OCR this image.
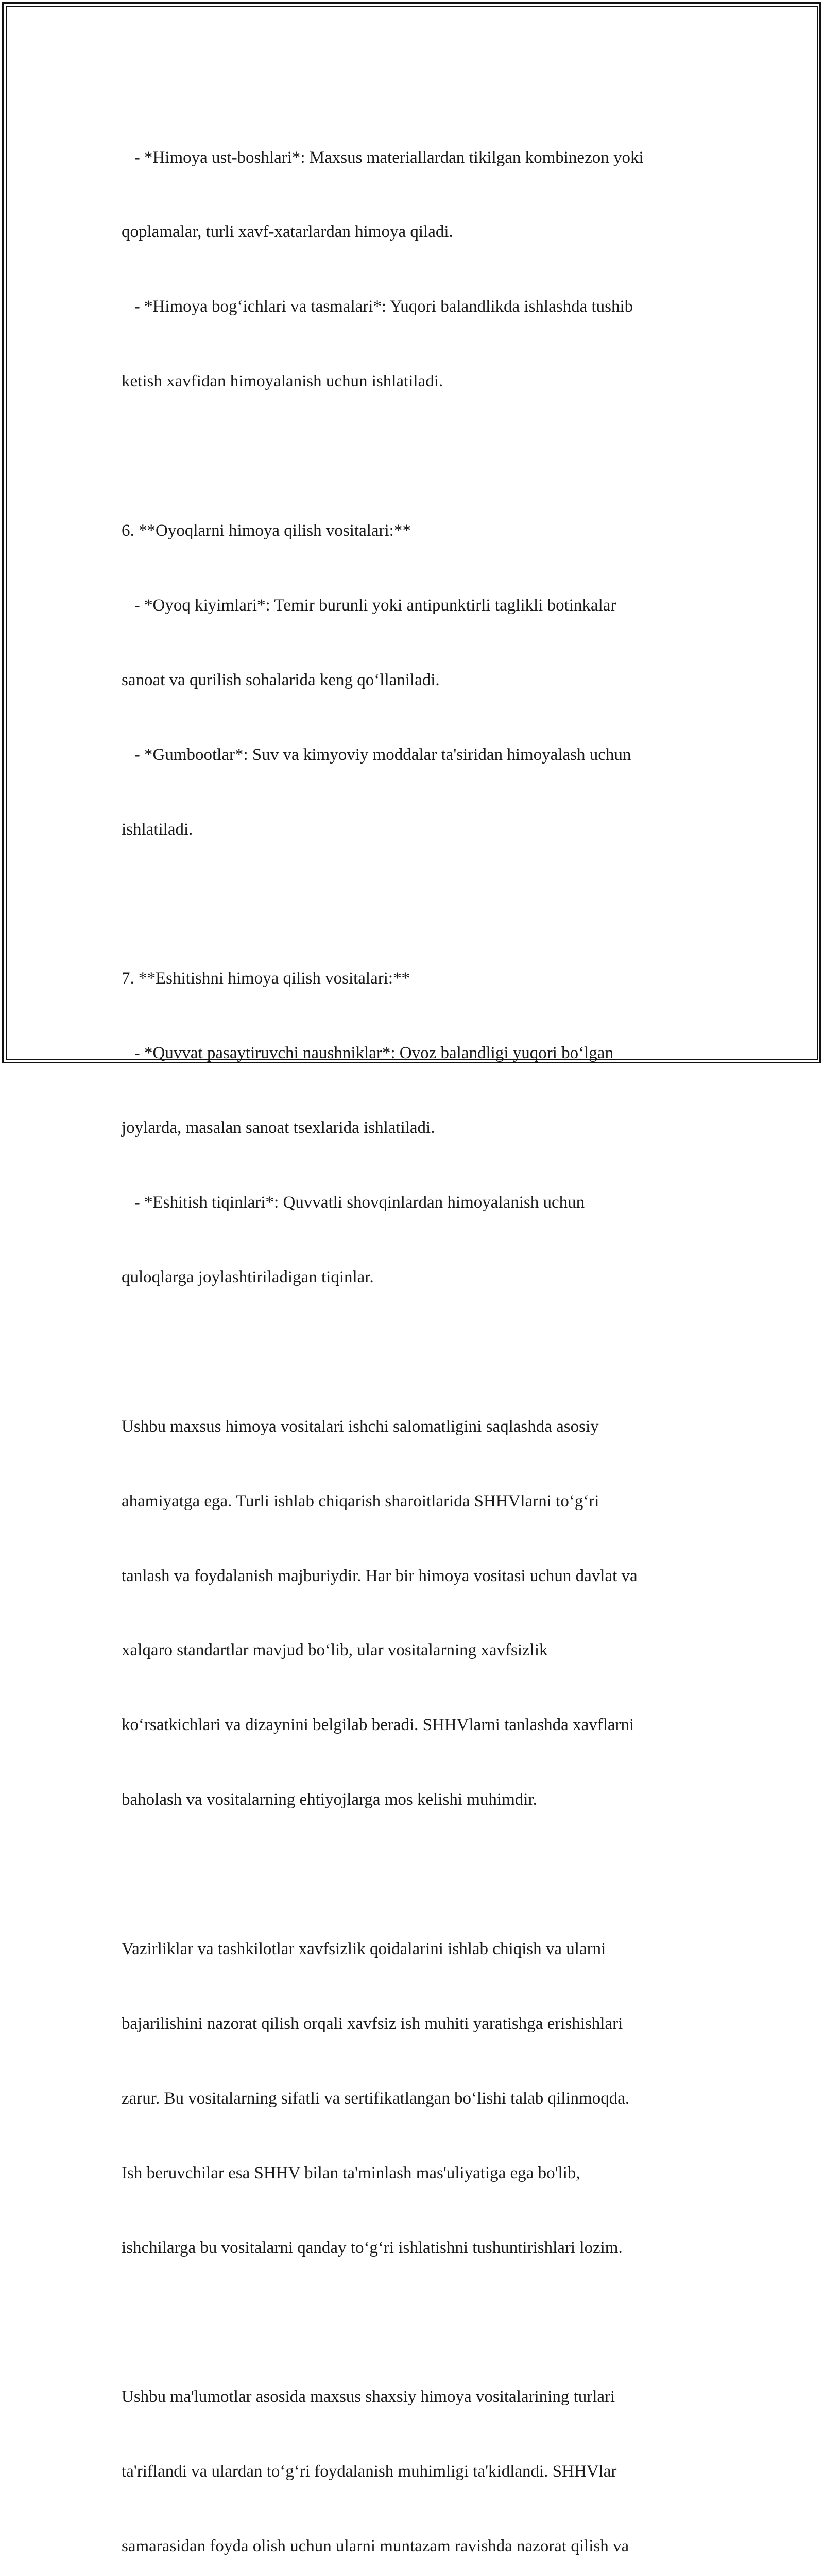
- *Himoya ust-boshlari*: Maxsus materiallardan tikilgan kombinezon yoki

qoplamalar, turli xavf-xatarlardan himoya qiladi.

- *Himoya bog‘ichlari va tasmalari*: Yuqori balandlikda ishlashda tushib

ketish xavfidan himoyalanish uchun ishlatiladi.

6. **Oyoqlarni himoya qilish vositalari:**

- *Oyoq kiyimlari*: Temir burunli yoki antipunktirli taglikli botinkalar

sanoat va qurilish sohalarida keng qo‘llaniladi.

- *Gumbootlar*: Suv va kimyoviy moddalar ta'siridan himoyalash uchun

ishlatiladi.

7. **Eshitishni himoya qilish vositalari:**

- *Quvvat pasaytiruvchi naushniklar*: Ovoz balandligi yuqori bo‘lgan

joylarda, masalan sanoat tsexlarida ishlatiladi.

- *Eshitish tiqinlari*: Quvvatli shovqinlardan himoyalanish uchun

quloqlarga joylashtiriladigan tiqinlar.

Ushbu maxsus himoya vositalari ishchi salomatligini saqlashda asosiy

ahamiyatga ega. Turli ishlab chiqarish sharoitlarida SHHVlarni to‘g‘ri

tanlash va foydalanish majburiydir. Har bir himoya vositasi uchun davlat va

xalqaro standartlar mavjud bo‘lib, ular vositalarning xavfsizlik

ko‘rsatkichlari va dizaynini belgilab beradi. SHHVlarni tanlashda xavflarni

baholash va vositalarning ehtiyojlarga mos kelishi muhimdir.

Vazirliklar va tashkilotlar xavfsizlik qoidalarini ishlab chiqish va ularni

bajarilishini nazorat qilish orqali xavfsiz ish muhiti yaratishga erishishlari

zarur. Bu vositalarning sifatli va sertifikatlangan bo‘lishi talab qilinmoqda.

Ish beruvchilar esa SHHV bilan ta'minlash mas'uliyatiga ega bo'lib,

ishchilarga bu vositalarni qanday to‘g‘ri ishlatishni tushuntirishlari lozim.

Ushbu ma'lumotlar asosida maxsus shaxsiy himoya vositalarining turlari

ta'riflandi va ulardan to‘g‘ri foydalanish muhimligi ta'kidlandi. SHHVlar

samarasidan foyda olish uchun ularni muntazam ravishda nazorat qilish va
